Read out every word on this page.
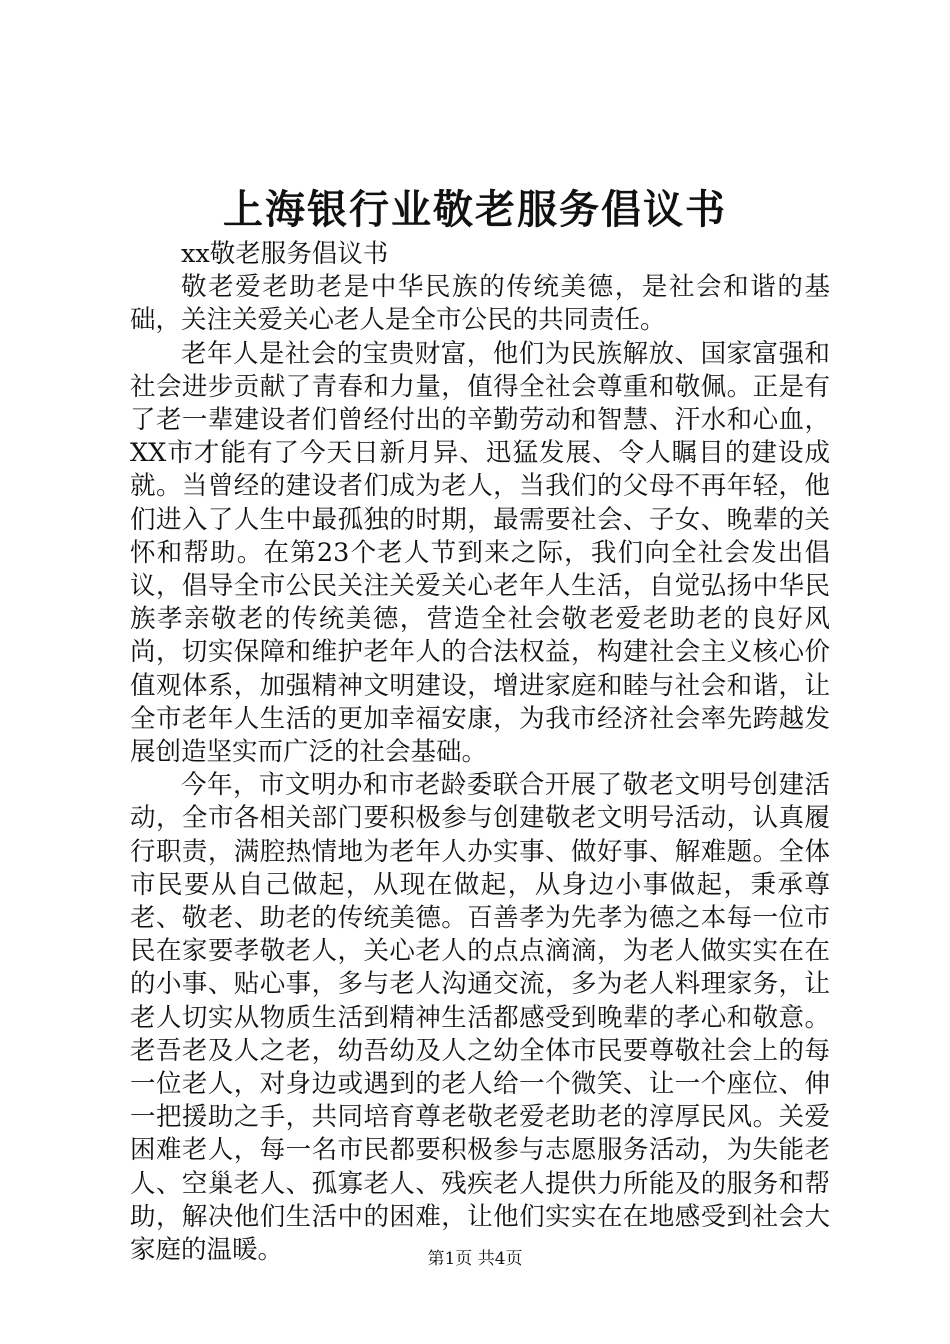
上海银行业敬老服务倡议书

xx敬老服务倡议书

敬老爱老助老是中华民族的传统美德，是社会和谐的基础，关注关爱关心老人是全市公民的共同责任。

老年人是社会的宝贵财富，他们为民族解放、国家富强和社会进步贡献了青春和力量，值得全社会尊重和敬佩。正是有了老一辈建设者们曾经付出的辛勤劳动和智慧、汗水和心血，XX市才能有了今天日新月异、迅猛发展、令人瞩目的建设成就。当曾经的建设者们成为老人，当我们的父母不再年轻，他们进入了人生中最孤独的时期，最需要社会、子女、晚辈的关怀和帮助。在第23个老人节到来之际，我们向全社会发出倡议，倡导全市公民关注关爱关心老年人生活，自觉弘扬中华民族孝亲敬老的传统美德，营造全社会敬老爱老助老的良好风尚，切实保障和维护老年人的合法权益，构建社会主义核心价值观体系，加强精神文明建设，增进家庭和睦与社会和谐，让全市老年人生活的更加幸福安康，为我市经济社会率先跨越发展创造坚实而广泛的社会基础。

今年，市文明办和市老龄委联合开展了敬老文明号创建活动，全市各相关部门要积极参与创建敬老文明号活动，认真履行职责，满腔热情地为老年人办实事、做好事、解难题。全体市民要从自己做起，从现在做起，从身边小事做起，秉承尊老、敬老、助老的传统美德。百善孝为先孝为德之本每一位市民在家要孝敬老人，关心老人的点点滴滴，为老人做实实在在的小事、贴心事，多与老人沟通交流，多为老人料理家务，让老人切实从物质生活到精神生活都感受到晚辈的孝心和敬意。老吾老及人之老，幼吾幼及人之幼全体市民要尊敬社会上的每一位老人，对身边或遇到的老人给一个微笑、让一个座位、伸一把援助之手，共同培育尊老敬老爱老助老的淳厚民风。关爱困难老人，每一名市民都要积极参与志愿服务活动，为失能老人、空巢老人、孤寡老人、残疾老人提供力所能及的服务和帮助，解决他们生活中的困难，让他们实实在在地感受到社会大家庭的温暖。	第1页 共4页
